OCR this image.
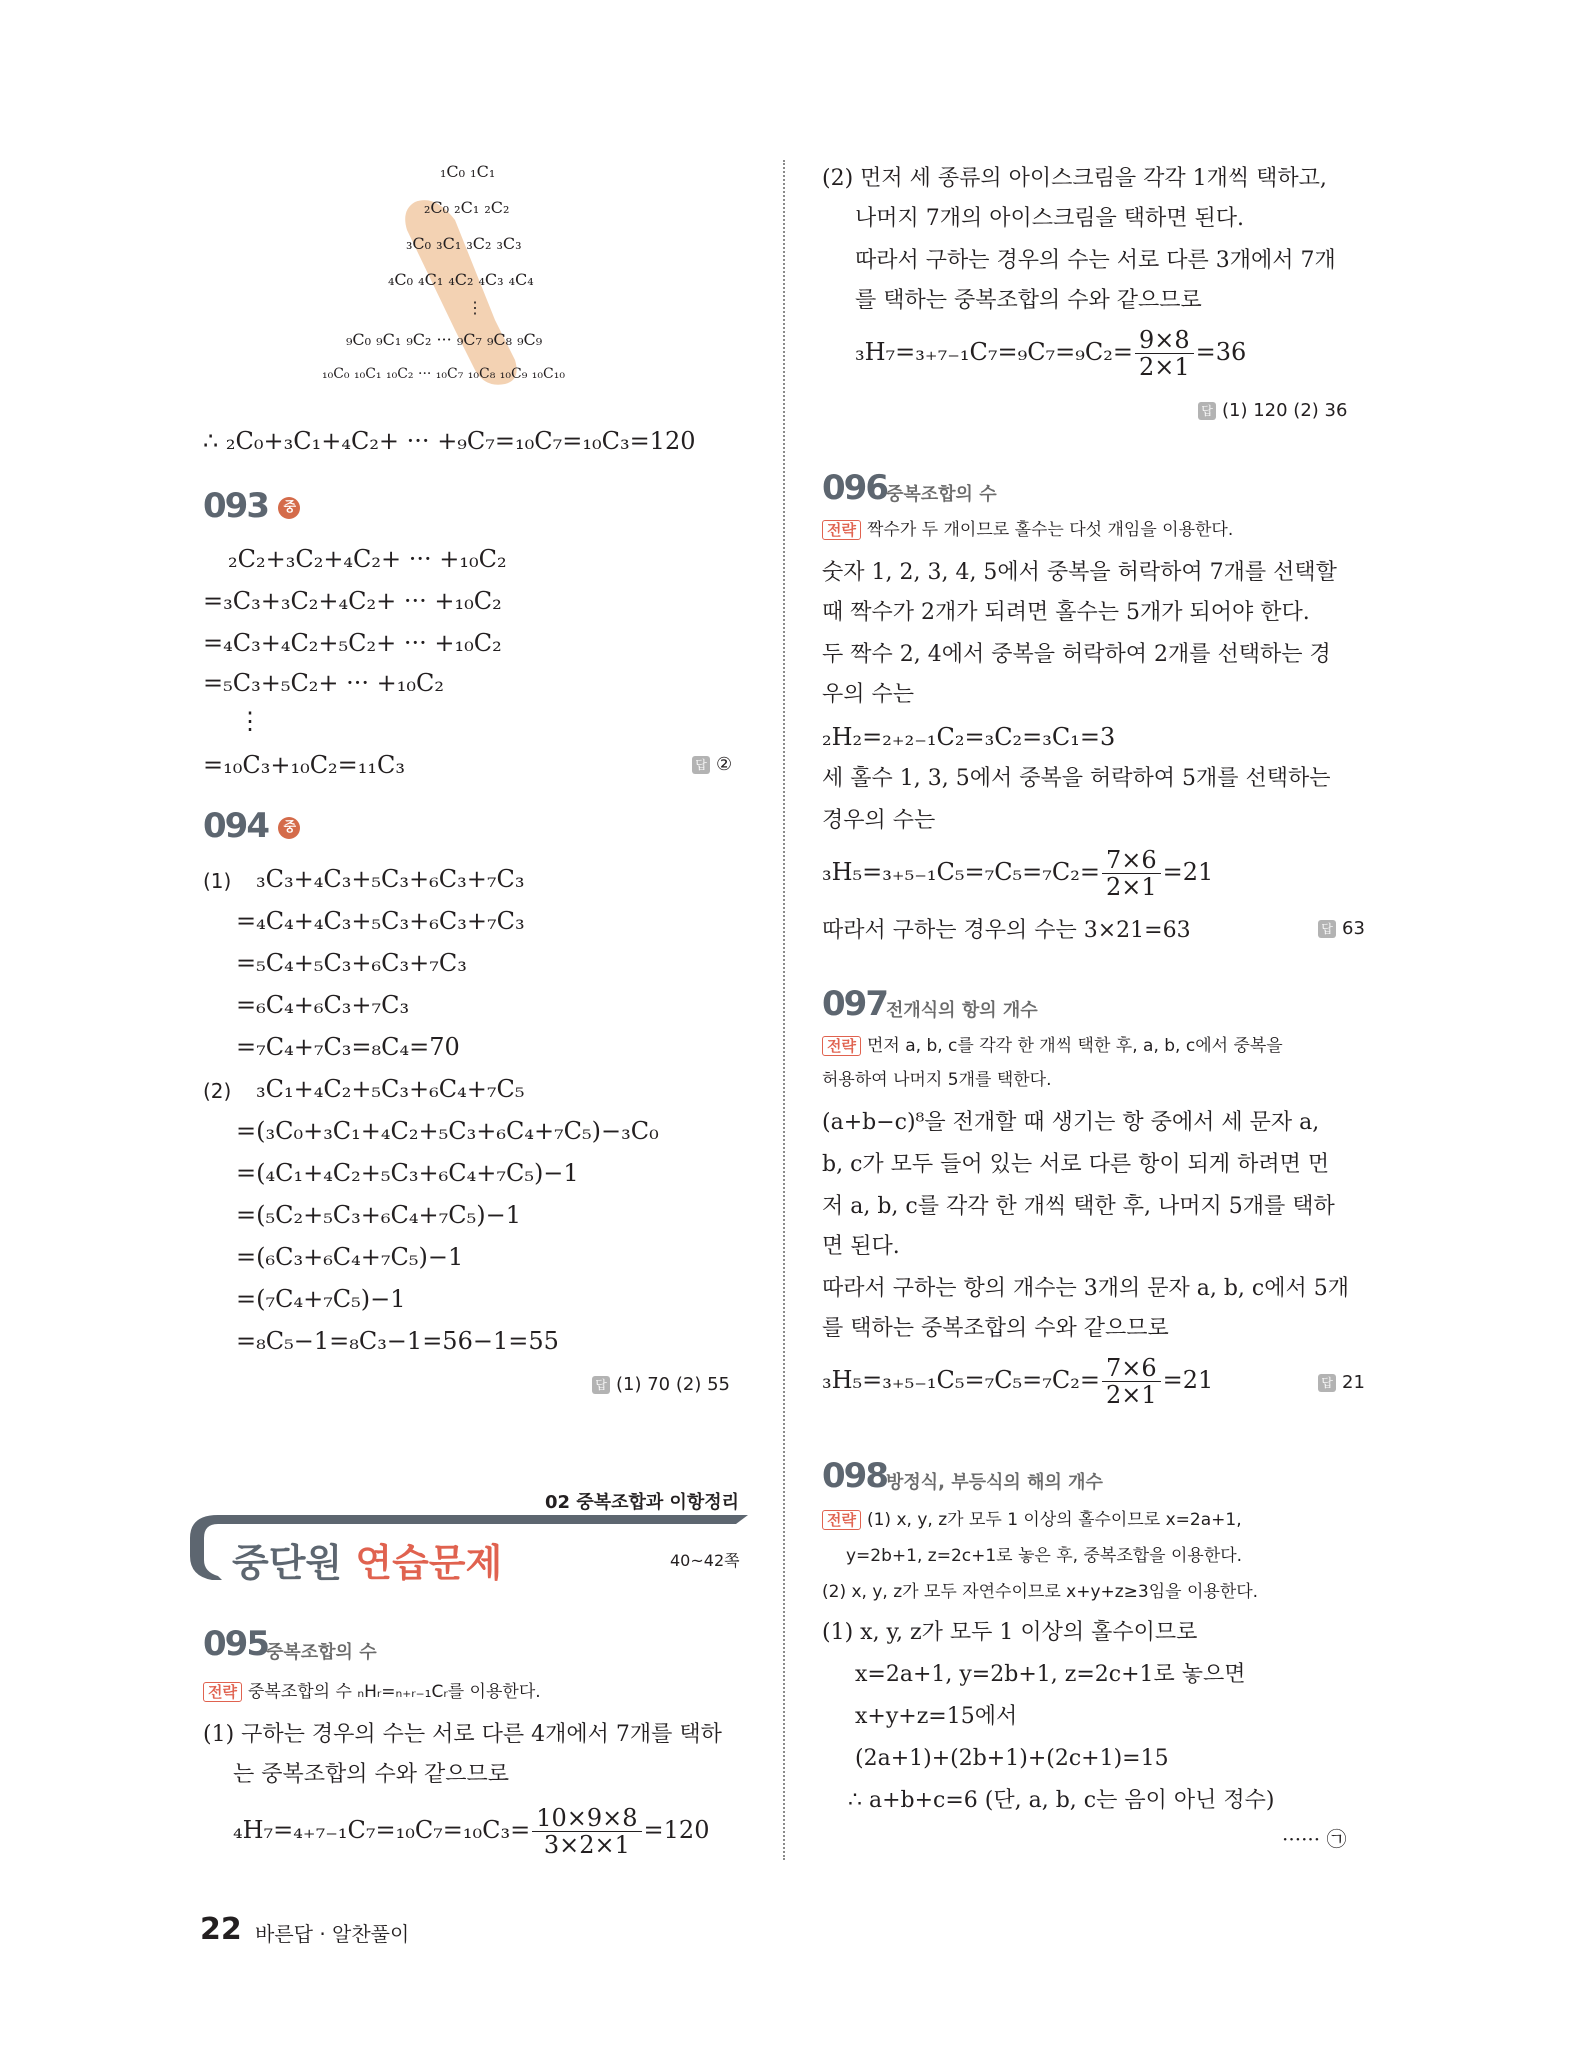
₁C₀ ₁C₁
₂C₀ ₂C₁ ₂C₂
₃C₀ ₃C₁ ₃C₂ ₃C₃
₄C₀ ₄C₁ ₄C₂ ₄C₃ ₄C₄
⋮
₉C₀ ₉C₁ ₉C₂ ··· ₉C₇ ₉C₈ ₉C₉
₁₀C₀ ₁₀C₁ ₁₀C₂ ··· ₁₀C₇ ₁₀C₈ ₁₀C₉ ₁₀C₁₀
∴ ₂C₀+₃C₁+₄C₂+ ··· +₉C₇=₁₀C₇=₁₀C₃=120
093 중
₂C₂+₃C₂+₄C₂+ ··· +₁₀C₂
=₃C₃+₃C₂+₄C₂+ ··· +₁₀C₂
=₄C₃+₄C₂+₅C₂+ ··· +₁₀C₂
=₅C₃+₅C₂+ ··· +₁₀C₂
⋮
=₁₀C₃+₁₀C₂=₁₁C₃	답 ②
094 중
(1) ₃C₃+₄C₃+₅C₃+₆C₃+₇C₃
=₄C₄+₄C₃+₅C₃+₆C₃+₇C₃
=₅C₄+₅C₃+₆C₃+₇C₃
=₆C₄+₆C₃+₇C₃
=₇C₄+₇C₃=₈C₄=70
(2) ₃C₁+₄C₂+₅C₃+₆C₄+₇C₅
=(₃C₀+₃C₁+₄C₂+₅C₃+₆C₄+₇C₅)−₃C₀
=(₄C₁+₄C₂+₅C₃+₆C₄+₇C₅)−1
=(₅C₂+₅C₃+₆C₄+₇C₅)−1
=(₆C₃+₆C₄+₇C₅)−1
=(₇C₄+₇C₅)−1
=₈C₅−1=₈C₃−1=56−1=55
답 (1) 70 (2) 55
02 중복조합과 이항정리
중단원 연습문제	40~42쪽
095
중복조합의 수
전략 중복조합의 수 ₙHᵣ=ₙ₊ᵣ₋₁Cᵣ를 이용한다.
(1) 구하는 경우의 수는 서로 다른 4개에서 7개를 택하
는 중복조합의 수와 같으므로
$_4H_7=_{4+7-1}C_7=_{10}C_7=_{10}C_3= \frac{10\times 9\times 8}{3\times 2\times 1} =120$
(2) 먼저 세 종류의 아이스크림을 각각 1개씩 택하고,
나머지 7개의 아이스크림을 택하면 된다.
따라서 구하는 경우의 수는 서로 다른 3개에서 7개
를 택하는 중복조합의 수와 같으므로
$_3H_7=_{3+7-1}C_7=_9C_7=_9C_2= \frac{9\times 8}{2\times 1} =36$
답 (1) 120 (2) 36
096 중복조합의 수
전략 짝수가 두 개이므로 홀수는 다섯 개임을 이용한다.
숫자 1, 2, 3, 4, 5에서 중복을 허락하여 7개를 선택할
때 짝수가 2개가 되려면 홀수는 5개가 되어야 한다.
두 짝수 2, 4에서 중복을 허락하여 2개를 선택하는 경
우의 수는
₂H₂=₂₊₂₋₁C₂=₃C₂=₃C₁=3
세 홀수 1, 3, 5에서 중복을 허락하여 5개를 선택하는
경우의 수는
$_3H_5=_{3+5-1}C_5=_7C_5=_7C_2= \frac{7\times 6}{2\times 1} =21$
따라서 구하는 경우의 수는 3×21=63	답 63
097 전개식의 항의 개수
전략 먼저 a, b, c를 각각 한 개씩 택한 후, a, b, c에서 중복을
허용하여 나머지 5개를 택한다.
(a+b−c)⁸을 전개할 때 생기는 항 중에서 세 문자 a,
b, c가 모두 들어 있는 서로 다른 항이 되게 하려면 먼
저 a, b, c를 각각 한 개씩 택한 후, 나머지 5개를 택하
면 된다.
따라서 구하는 항의 개수는 3개의 문자 a, b, c에서 5개
를 택하는 중복조합의 수와 같으므로
$_3H_5=_{3+5-1}C_5=_7C_5=_7C_2= \frac{7\times 6}{2\times 1} =21$	답 21
098 방정식, 부등식의 해의 개수
전략 (1) x, y, z가 모두 1 이상의 홀수이므로 x=2a+1,
y=2b+1, z=2c+1로 놓은 후, 중복조합을 이용한다.
(2) x, y, z가 모두 자연수이므로 x+y+z≥3임을 이용한다.
(1) x, y, z가 모두 1 이상의 홀수이므로
x=2a+1, y=2b+1, z=2c+1로 놓으면
x+y+z=15에서
(2a+1)+(2b+1)+(2c+1)=15
∴ a+b+c=6 (단, a, b, c는 음이 아닌 정수)
······ ㉠
22 바른답 · 알찬풀이
